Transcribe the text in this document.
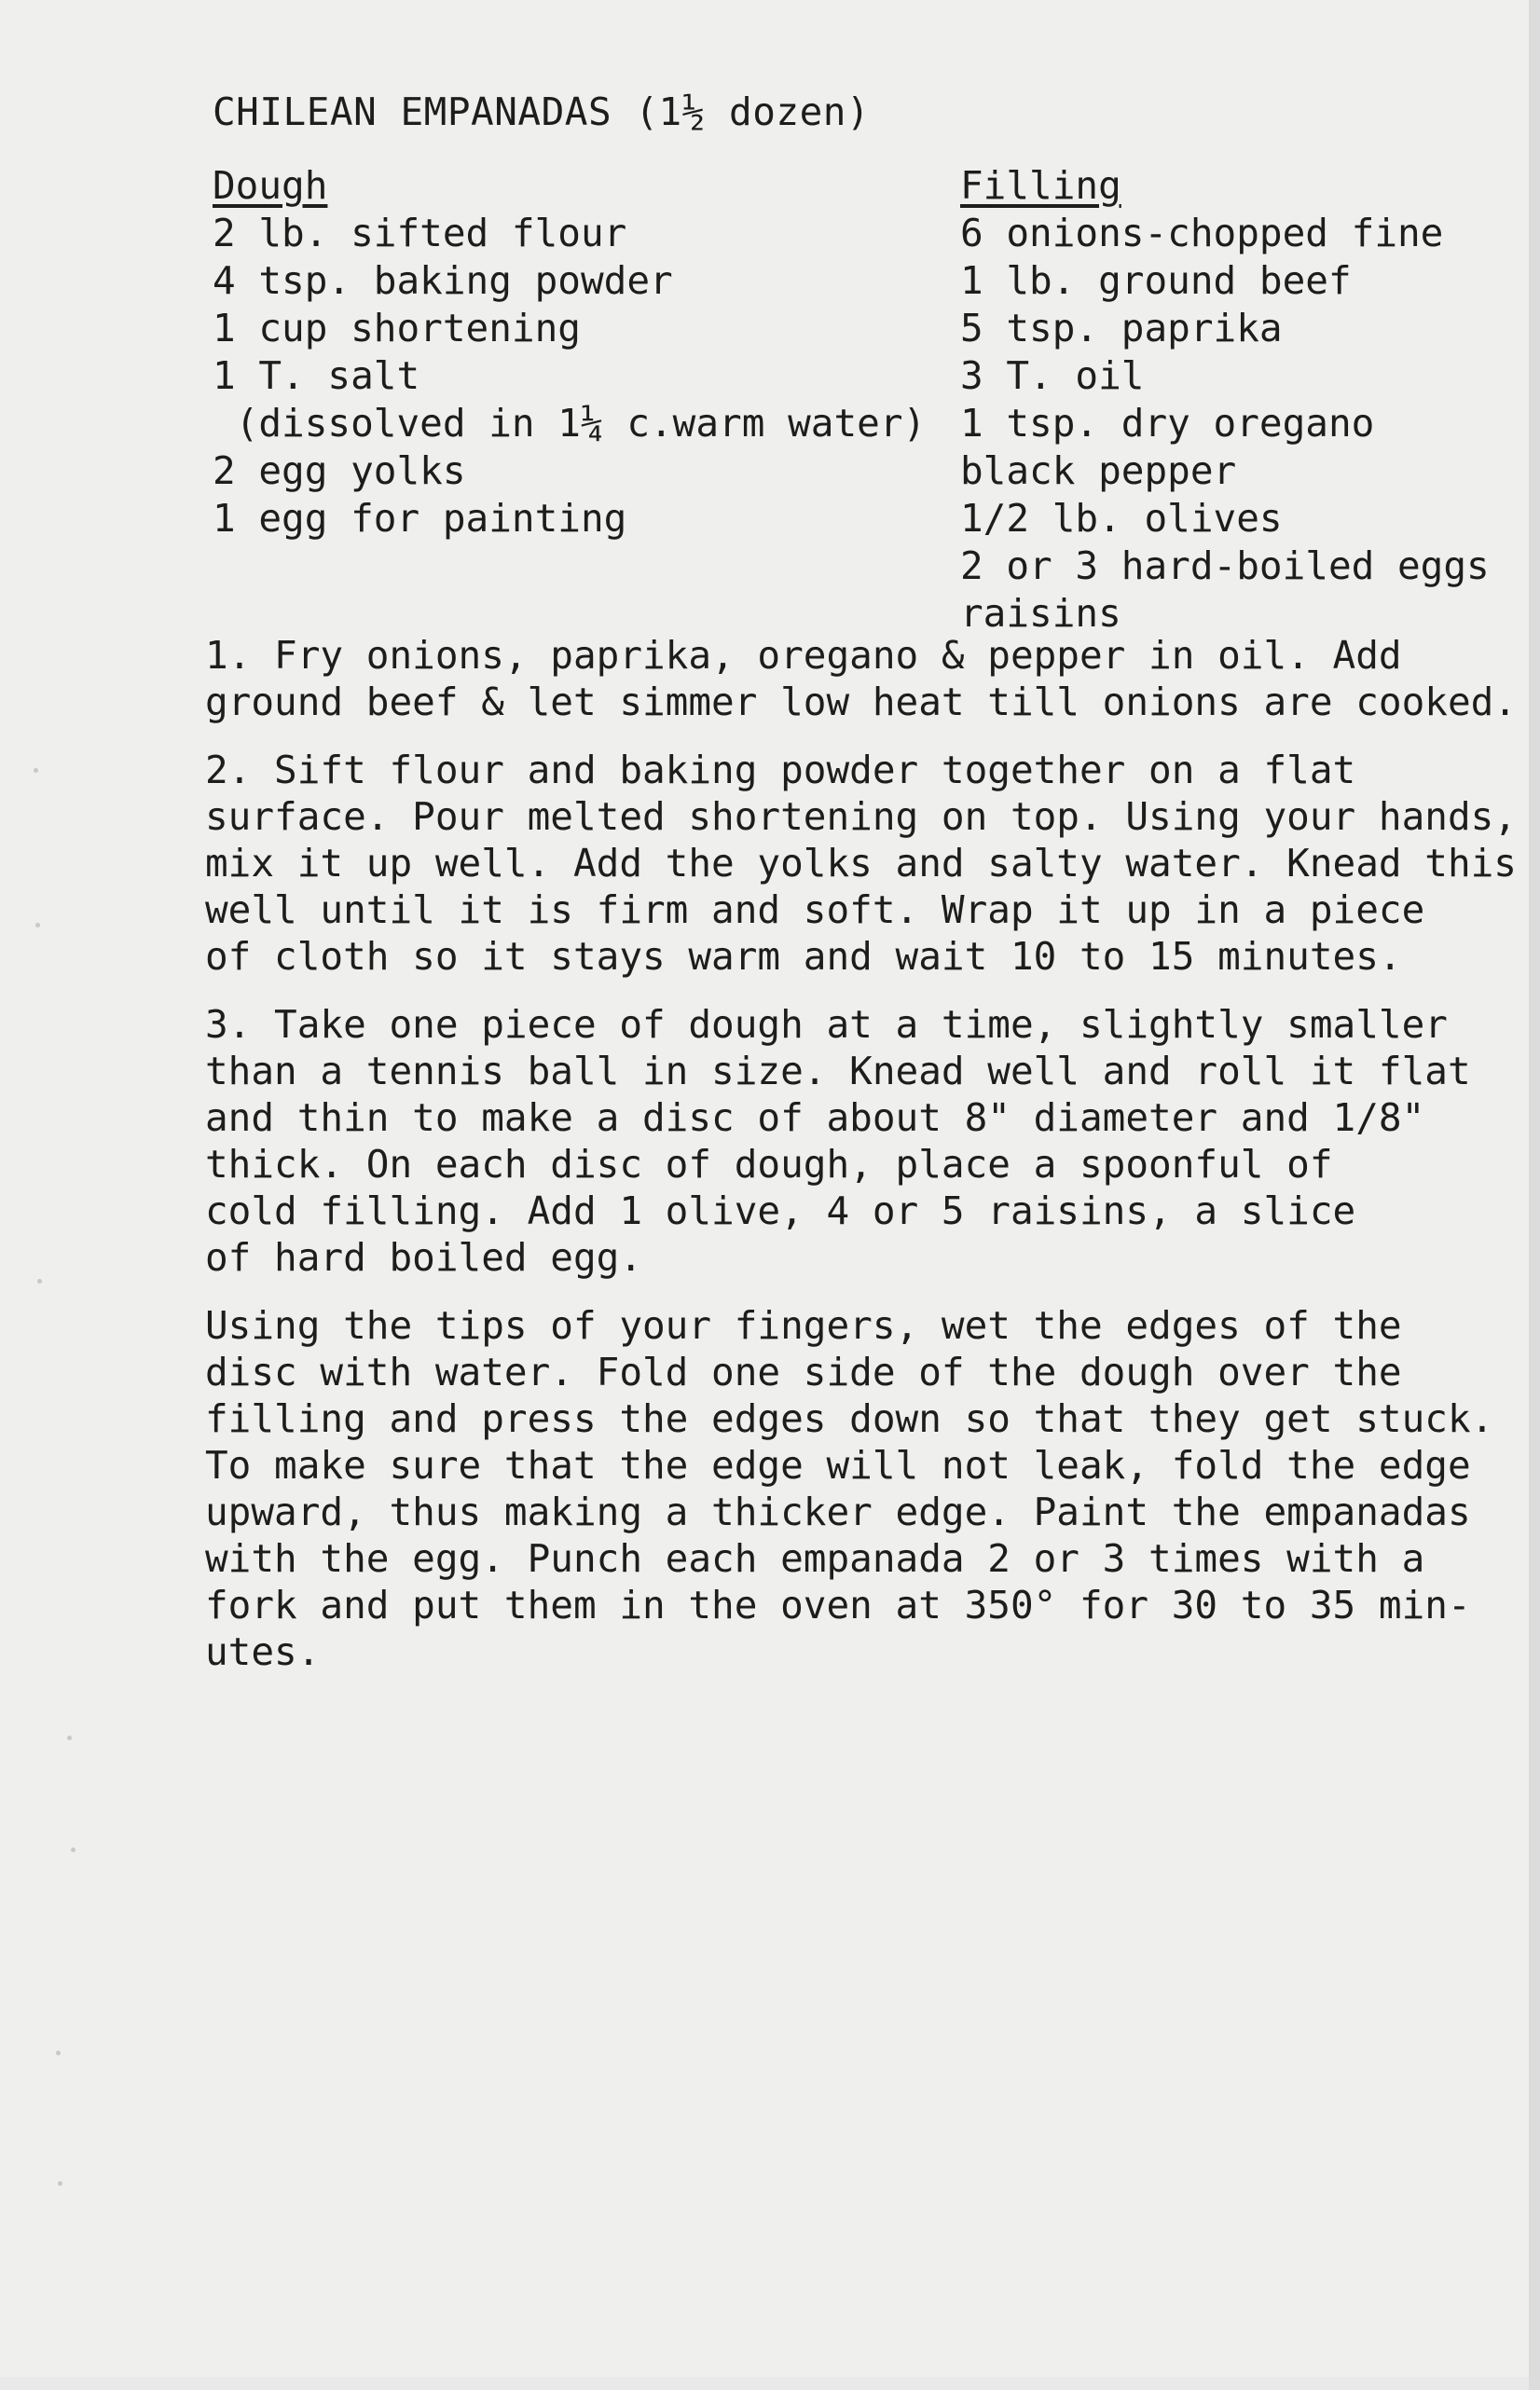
CHILEAN EMPANADAS (1½ dozen)
Dough
2 lb. sifted flour
4 tsp. baking powder
1 cup shortening
1 T. salt
(dissolved in 1¼ c.warm water)
2 egg yolks
1 egg for painting
Filling
6 onions-chopped fine
1 lb. ground beef
5 tsp. paprika
3 T. oil
1 tsp. dry oregano
black pepper
1/2 lb. olives
2 or 3 hard-boiled eggs
raisins
1. Fry onions, paprika, oregano & pepper in oil. Add
ground beef & let simmer low heat till onions are cooked.
2. Sift flour and baking powder together on a flat
surface. Pour melted shortening on top. Using your hands,
mix it up well. Add the yolks and salty water. Knead this
well until it is firm and soft. Wrap it up in a piece
of cloth so it stays warm and wait 10 to 15 minutes.
3. Take one piece of dough at a time, slightly smaller
than a tennis ball in size. Knead well and roll it flat
and thin to make a disc of about 8" diameter and 1/8"
thick. On each disc of dough, place a spoonful of
cold filling. Add 1 olive, 4 or 5 raisins, a slice
of hard boiled egg.
Using the tips of your fingers, wet the edges of the
disc with water. Fold one side of the dough over the
filling and press the edges down so that they get stuck.
To make sure that the edge will not leak, fold the edge
upward, thus making a thicker edge. Paint the empanadas
with the egg. Punch each empanada 2 or 3 times with a
fork and put them in the oven at 350° for 30 to 35 min-
utes.
